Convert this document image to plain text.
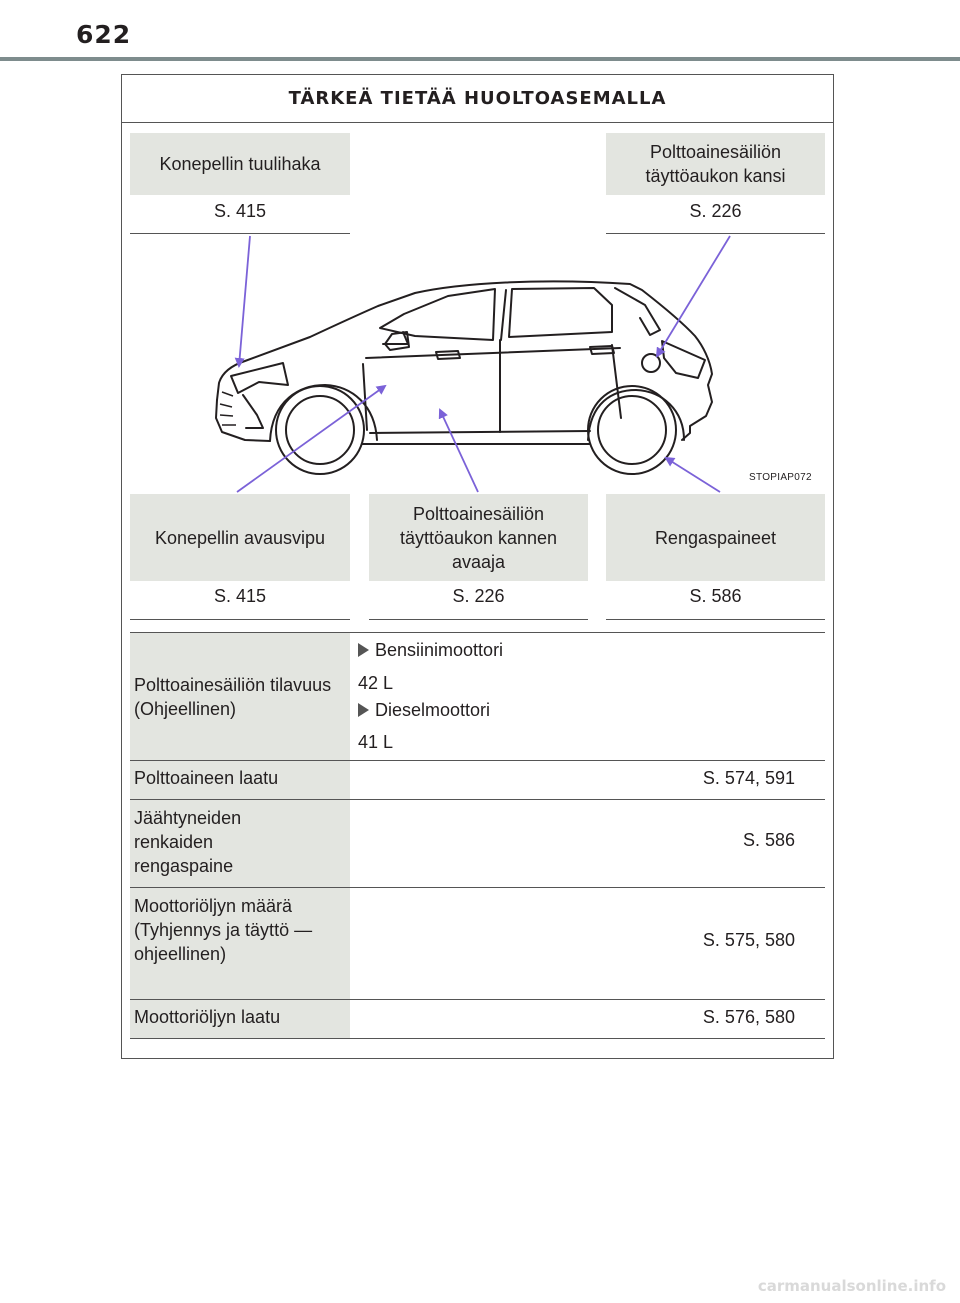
622
TÄRKEÄ TIETÄÄ HUOLTOASEMALLA
Konepellin tuulihaka
S. 415
Polttoainesäiliön täyttöaukon kansi
S. 226
STOPIAP072
Konepellin avausvipu
S. 415
Polttoainesäiliön täyttöaukon kannen avaaja
S. 226
Rengaspaineet
S. 586
Polttoainesäiliön tilavuus (Ohjeellinen)
Bensiinimoottori
42 L
Dieselmoottori
41 L
Polttoaineen laatu	S. 574, 591
Jäähtyneiden renkaiden rengaspaine
S. 586
Moottoriöljyn määrä (Tyhjennys ja täyttö — ohjeellinen)
S. 575, 580
Moottoriöljyn laatu	S. 576, 580
carmanualsonline.info
